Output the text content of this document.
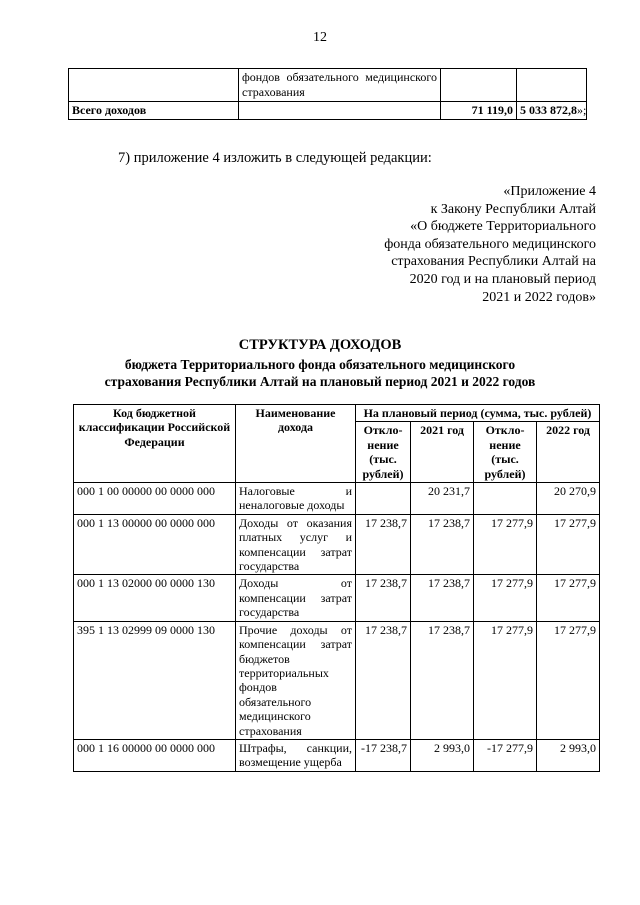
12
	фондов обязательного медицинского страхования		
Всего доходов		71 119,0	5 033 872,8»;
7) приложение 4 изложить в следующей редакции:
«Приложение 4
к Закону Республики Алтай
«О бюджете Территориального
фонда обязательного медицинского
страхования Республики Алтай на
2020 год и на плановый период
2021 и 2022 годов»
СТРУКТУРА ДОХОДОВ
бюджета Территориального фонда обязательного медицинского
страхования Республики Алтай на плановый период 2021 и 2022 годов
Код бюджетной классификации Российской Федерации	Наименование дохода	На плановый период (сумма, тыс. рублей)			
		Откло-нение (тыс. рублей)	2021 год	Откло-нение (тыс. рублей)	2022 год
000 1 00 00000 00 0000 000	Налоговые и неналоговые доходы		20 231,7		20 270,9
000 1 13 00000 00 0000 000	Доходы от оказания платных услуг и компенсации затрат государства	17 238,7	17 238,7	17 277,9	17 277,9
000 1 13 02000 00 0000 130	Доходы от компенсации затрат государства	17 238,7	17 238,7	17 277,9	17 277,9
395 1 13 02999 09 0000 130	Прочие доходы от компенсации затрат бюджетов территориальных фондов обязательного медицинского страхования	17 238,7	17 238,7	17 277,9	17 277,9
000 1 16 00000 00 0000 000	Штрафы, санкции, возмещение ущерба	-17 238,7	2 993,0	-17 277,9	2 993,0
